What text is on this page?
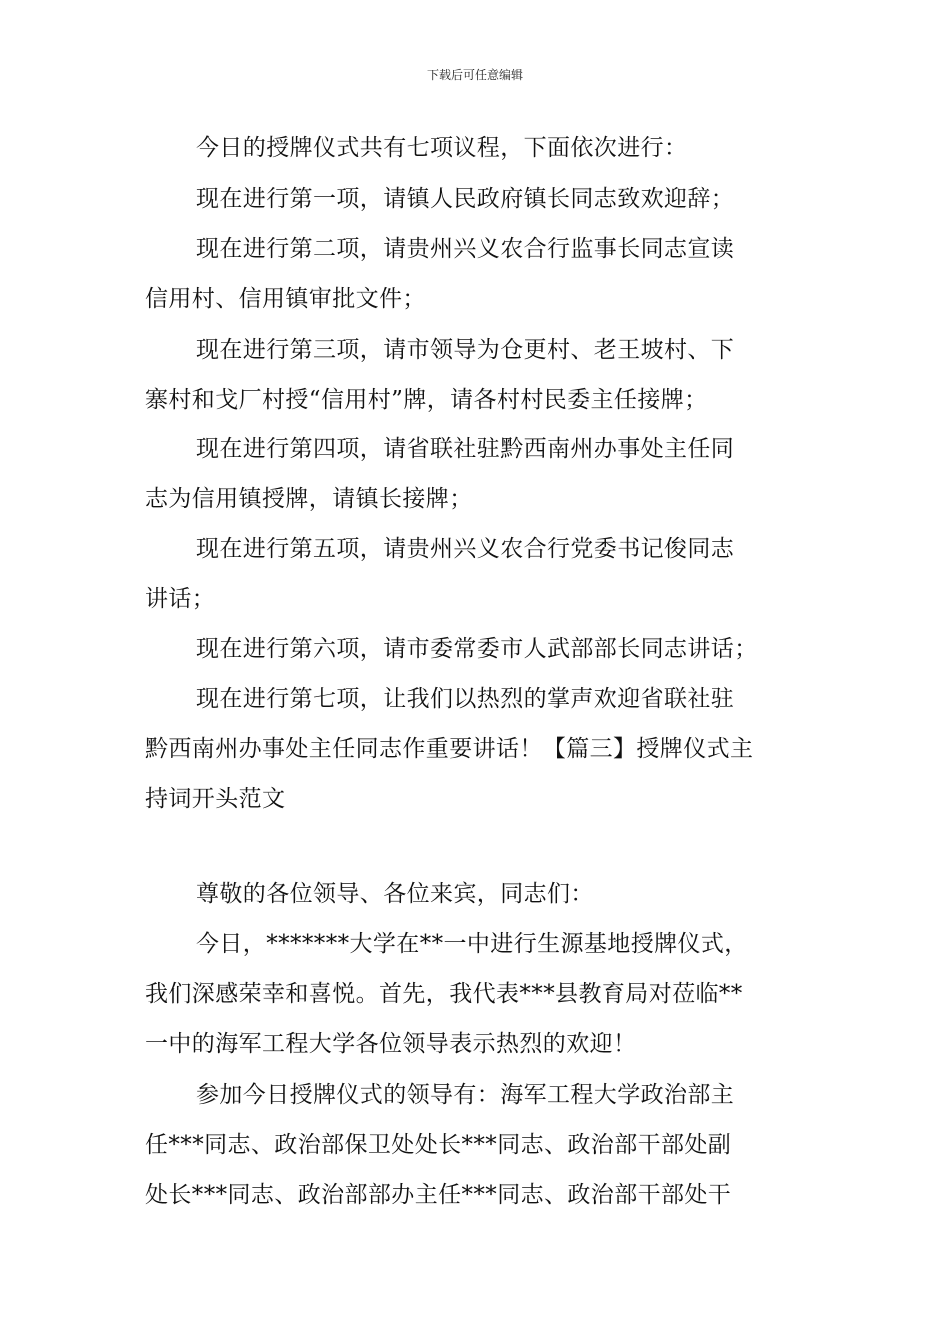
下载后可任意编辑
今日的授牌仪式共有七项议程，下面依次进行：
现在进行第一项，请镇人民政府镇长同志致欢迎辞；
现在进行第二项，请贵州兴义农合行监事长同志宣读
信用村、信用镇审批文件；
现在进行第三项，请市领导为仓更村、老王坡村、下
寨村和戈厂村授“信用村”牌，请各村村民委主任接牌；
现在进行第四项，请省联社驻黔西南州办事处主任同
志为信用镇授牌，请镇长接牌；
现在进行第五项，请贵州兴义农合行党委书记俊同志
讲话；
现在进行第六项，请市委常委市人武部部长同志讲话；
现在进行第七项，让我们以热烈的掌声欢迎省联社驻
黔西南州办事处主任同志作重要讲话！【篇三】授牌仪式主
持词开头范文
尊敬的各位领导、各位来宾，同志们：
今日，*******大学在**一中进行生源基地授牌仪式，
我们深感荣幸和喜悦。首先，我代表***县教育局对莅临**
一中的海军工程大学各位领导表示热烈的欢迎！
参加今日授牌仪式的领导有：海军工程大学政治部主
任***同志、政治部保卫处处长***同志、政治部干部处副
处长***同志、政治部部办主任***同志、政治部干部处干
